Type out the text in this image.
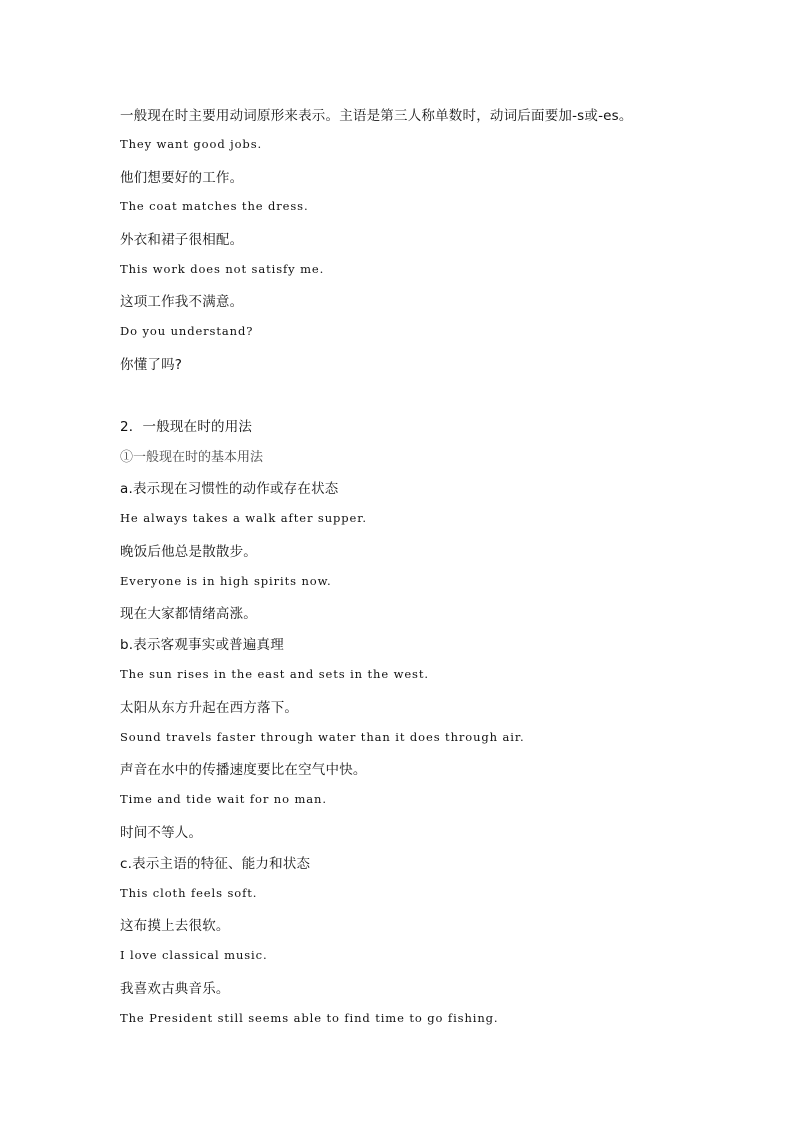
一般现在时主要用动词原形来表示。主语是第三人称单数时，动词后面要加-s或-es。
They want good jobs.
他们想要好的工作。
The coat matches the dress.
外衣和裙子很相配。
This work does not satisfy me.
这项工作我不满意。
Do you understand?
你懂了吗?
2．一般现在时的用法
①一般现在时的基本用法
a.表示现在习惯性的动作或存在状态
He always takes a walk after supper.
晚饭后他总是散散步。
Everyone is in high spirits now.
现在大家都情绪高涨。
b.表示客观事实或普遍真理
The sun rises in the east and sets in the west.
太阳从东方升起在西方落下。
Sound travels faster through water than it does through air.
声音在水中的传播速度要比在空气中快。
Time and tide wait for no man.
时间不等人。
c.表示主语的特征、能力和状态
This cloth feels soft.
这布摸上去很软。
I love classical music.
我喜欢古典音乐。
The President still seems able to find time to go fishing.
